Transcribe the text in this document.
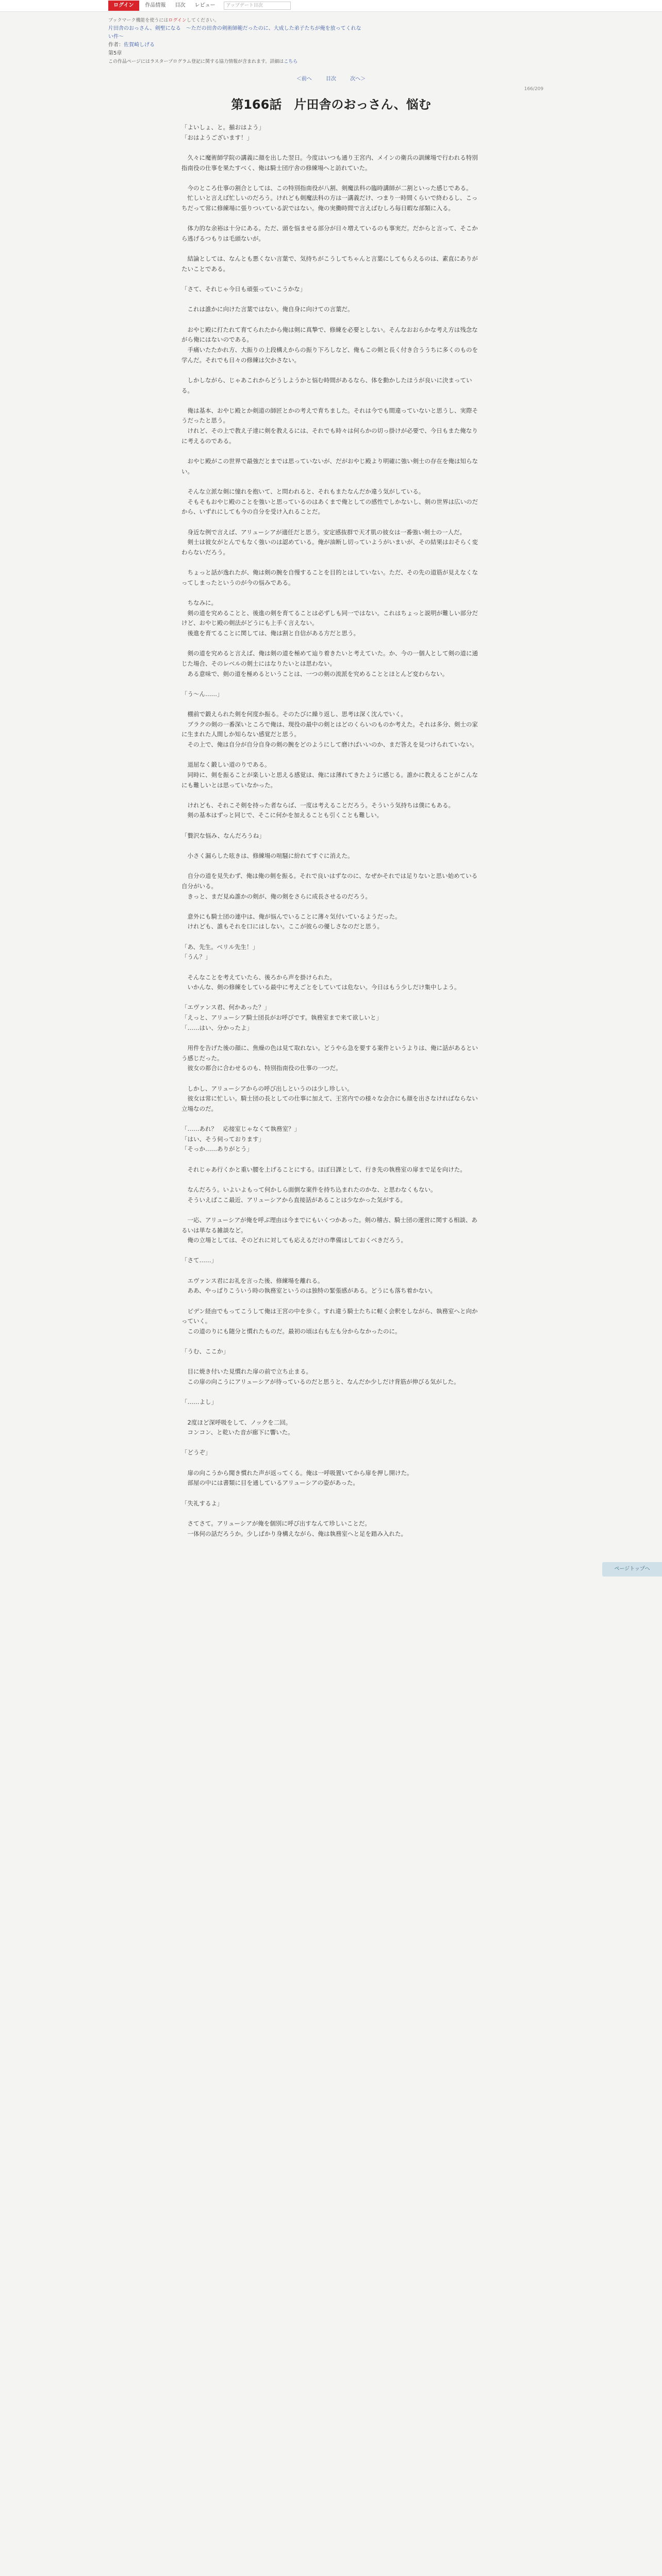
ログイン	作品情報	目次	レビュー	アップデート目次
ブックマーク機能を使うにはログインしてください。
片田舎のおっさん、剣聖になる　～ただの田舎の剣術師範だったのに、大成した弟子たちが俺を放ってくれな
い件～
作者：佐賀崎しげる
第5章
この作品ページにはラスタープログラム登記に関する協力情報が含まれます。詳細はこちら
＜前へ	目次	次へ＞
166/209
第166話　片田舎のおっさん、悩む

「よいしょ、と。揃おはよう」
「おはようございます！」

　久々に魔術師学院の講義に顔を出した翌日。今度はいつも通り王宮内、メインの衛兵の訓練場で行われる特別指南役の仕事を果たすべく、俺は騎士団庁舎の修練場へと訪れていた。

　今のところ仕事の割合としては、この特別指南役が八割、剣魔法科の臨時講師が二割といった感じである。
　忙しいと言えば忙しいのだろう。けれども剣魔法科の方は一講義だけ、つまり一時間くらいで終わるし、こっちだって常に修練場に張りついている訳ではない。俺の実働時間で言えばむしろ毎日暇な部類に入る。

　体力的な余裕は十分にある。ただ、頭を悩ませる部分が日々増えているのも事実だ。だからと言って、そこから逃げるつもりは毛頭ないが。

　結論としては、なんとも悪くない言葉で、気持ちがこうしてちゃんと言葉にしてもらえるのは、素直にありがたいことである。

「さて、それじゃ今日も頑張っていこうかな」

　これは誰かに向けた言葉ではない。俺自身に向けての言葉だ。

　おやじ殿に打たれて育てられたから俺は剣に真摯で、修練を必要としない。そんなおおらかな考え方は残念ながら俺にはないのである。
　手痛いたたかれ方、大振りの上段構えからの振り下ろしなど、俺もこの剣と長く付き合ううちに多くのものを学んだ。それでも日々の修練は欠かさない。

　しかしながら、じゃあこれからどうしようかと悩む時間があるなら、体を動かしたほうが良いに決まっている。

　俺は基本、おやじ殿とか剣道の師匠とかの考えで育ちました。それは今でも間違っていないと思うし、実際そうだったと思う。
　けれど、その上で教え子達に剣を教えるには、それでも時々は何らかの切っ掛けが必要で、今日もまた俺なりに考えるのである。

　おやじ殿がこの世界で最強だとまでは思っていないが、だがおやじ殿より明確に強い剣士の存在を俺は知らない。

　そんな立派な剣に憧れを抱いて、と問われると、それもまたなんだか違う気がしている。
　そもそもおやじ殿のことを強いと思っているのはあくまで俺としての感性でしかないし、剣の世界は広いのだから、いずれにしても今の自分を受け入れることだ。

　身近な例で言えば、アリューシアが適任だと思う。安定感抜群で天才肌の彼女は一番強い剣士の一人だ。
　剣士は彼女がとんでもなく強いのは認めている。俺が油断し切っていようがいまいが、その結果はおそらく変わらないだろう。

　ちょっと話が逸れたが、俺は剣の腕を自慢することを目的とはしていない。ただ、その先の道筋が見えなくなってしまったというのが今の悩みである。

　ちなみに。
　剣の道を究めることと、後進の剣を育てることは必ずしも同一ではない。これはちょっと説明が難しい部分だけど、おやじ殿の剣法がどうにも上手く言えない。
　後進を育てることに関しては、俺は割と自信がある方だと思う。

　剣の道を究めると言えば、俺は剣の道を極めて辿り着きたいと考えていた。か、今の一個人として剣の道に通じた場合、そのレベルの剣士にはなりたいとは思わない。
　ある意味で、剣の道を極めるということは、一つの剣の流派を究めることとほとんど変わらない。

「う～ん……」

　棚前で鍛えられた剣を何度か振る。そのたびに繰り返し、思考は深く沈んでいく。
　ブラクの剣の一番深いところで俺は、現役の最中の剣とはどのくらいのものか考えた。それは多分、剣士の家に生まれた人間しか知らない感覚だと思う。
　その上で、俺は自分が自分自身の剣の腕をどのようにして磨けばいいのか、まだ答えを見つけられていない。

　退屈なく鍛しい道のりである。
　同時に、剣を振ることが楽しいと思える感覚は、俺には薄れてきたように感じる。誰かに教えることがこんなにも難しいとは思っていなかった。

　けれども、それこそ剣を持った者ならば、一度は考えることだろう。そういう気持ちは僕にもある。
　剣の基本はずっと同じで、そこに何かを加えることも引くことも難しい。

「贅沢な悩み、なんだろうね」

　小さく漏らした呟きは、修練場の喧騒に紛れてすぐに消えた。

　自分の道を見失わず、俺は俺の剣を振る。それで良いはずなのに、なぜかそれでは足りないと思い始めている自分がいる。
　きっと、まだ見ぬ誰かの剣が、俺の剣をさらに成長させるのだろう。

　意外にも騎士団の連中は、俺が悩んでいることに薄々気付いているようだった。
　けれども、誰もそれを口にはしない。ここが彼らの優しさなのだと思う。

「あ、先生。ベリル先生！」
「うん？」

　そんなことを考えていたら、後ろから声を掛けられた。
　いかんな、剣の修練をしている最中に考えごとをしていては危ない。今日はもう少しだけ集中しよう。

「エヴァンス君、何かあった？」
「えっと、アリューシア騎士団長がお呼びです。執務室まで来て欲しいと」
「……はい、分かったよ」

　用件を告げた後の顔に、焦燥の色は見て取れない。どうやら急を要する案件というよりは、俺に話があるという感じだった。
　彼女の都合に合わせるのも、特別指南役の仕事の一つだ。

　しかし、アリューシアからの呼び出しというのは少し珍しい。
　彼女は常に忙しい。騎士団の長としての仕事に加えて、王宮内での様々な会合にも顔を出さなければならない立場なのだ。

「……あれ？　応接室じゃなくて執務室？」
「はい、そう伺っております」
「そっか……ありがとう」

　それじゃあ行くかと重い腰を上げることにする。ほぼ日課として、行き先の執務室の扉まで足を向けた。

　なんだろう。いよいよもって何かしら面倒な案件を持ち込まれたのかな、と思わなくもない。
　そういえばここ最近、アリューシアから直接話があることは少なかった気がする。

　一応、アリューシアが俺を呼ぶ理由は今までにもいくつかあった。剣の稽古、騎士団の運営に関する相談、あるいは単なる雑談など。
　俺の立場としては、そのどれに対しても応えるだけの準備はしておくべきだろう。

「さて……」

　エヴァンス君にお礼を言った後、修練場を離れる。
　ああ、やっぱりこういう時の執務室というのは独特の緊張感がある。どうにも落ち着かない。

　ピデン経由でもってこうして俺は王宮の中を歩く。すれ違う騎士たちに軽く会釈をしながら、執務室へと向かっていく。
　この道のりにも随分と慣れたものだ。最初の頃は右も左も分からなかったのに。

「うむ、ここか」

　目に焼き付いた見慣れた扉の前で立ち止まる。
　この扉の向こうにアリューシアが待っているのだと思うと、なんだか少しだけ背筋が伸びる気がした。

「……よし」

　2度ほど深呼吸をして、ノックを二回。
　コンコン、と乾いた音が廊下に響いた。

「どうぞ」

　扉の向こうから聞き慣れた声が返ってくる。俺は一呼吸置いてから扉を押し開けた。
　部屋の中には書類に目を通しているアリューシアの姿があった。

「失礼するよ」

　さてさて。アリューシアが俺を個別に呼び出すなんて珍しいことだ。
　一体何の話だろうか。少しばかり身構えながら、俺は執務室へと足を踏み入れた。

ページトップへ
